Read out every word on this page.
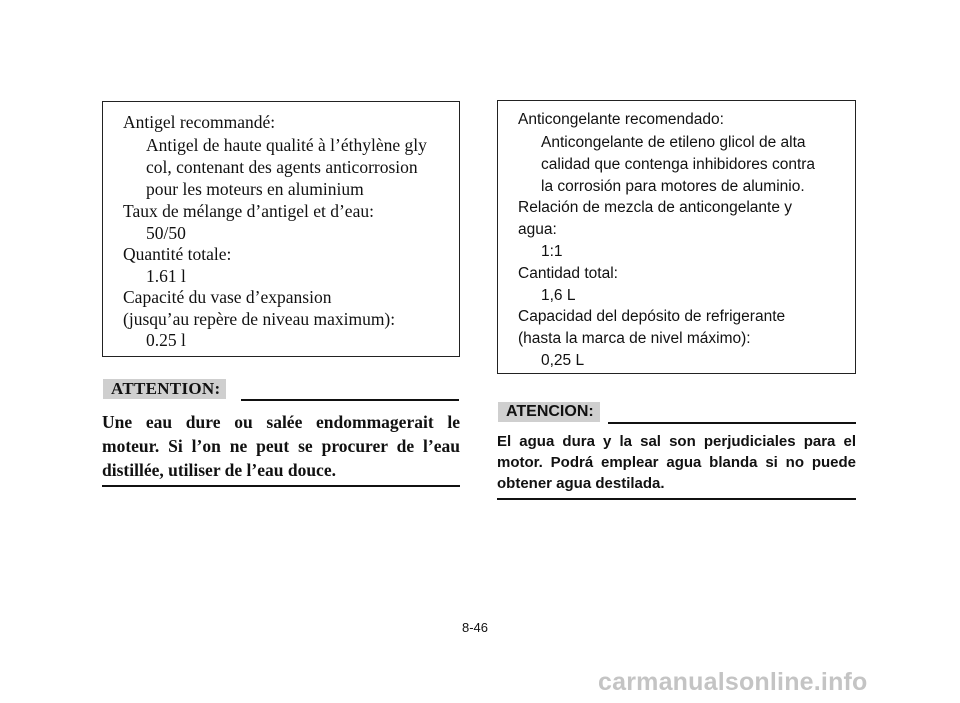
Antigel recommandé:
Antigel de haute qualité à l’éthylène gly
col, contenant des agents anticorrosion
pour les moteurs en aluminium
Taux de mélange d’antigel et d’eau:
50/50
Quantité totale:
1.61 l
Capacité du vase d’expansion
(jusqu’au repère de niveau maximum):
0.25 l
ATTENTION:
Une eau dure ou salée endommagerait le moteur. Si l’on ne peut se procurer de l’eau distillée, utiliser de l’eau douce.
Anticongelante recomendado:
Anticongelante de etileno glicol de alta
calidad que contenga inhibidores contra
la corrosión para motores de aluminio.
Relación de mezcla de anticongelante y
agua:
1:1
Cantidad total:
1,6 L
Capacidad del depósito de refrigerante
(hasta la marca de nivel máximo):
0,25 L
ATENCION:
El agua dura y la sal son perjudiciales para el motor. Podrá emplear agua blanda si no puede obtener agua destilada.
8-46
carmanualsonline.info
